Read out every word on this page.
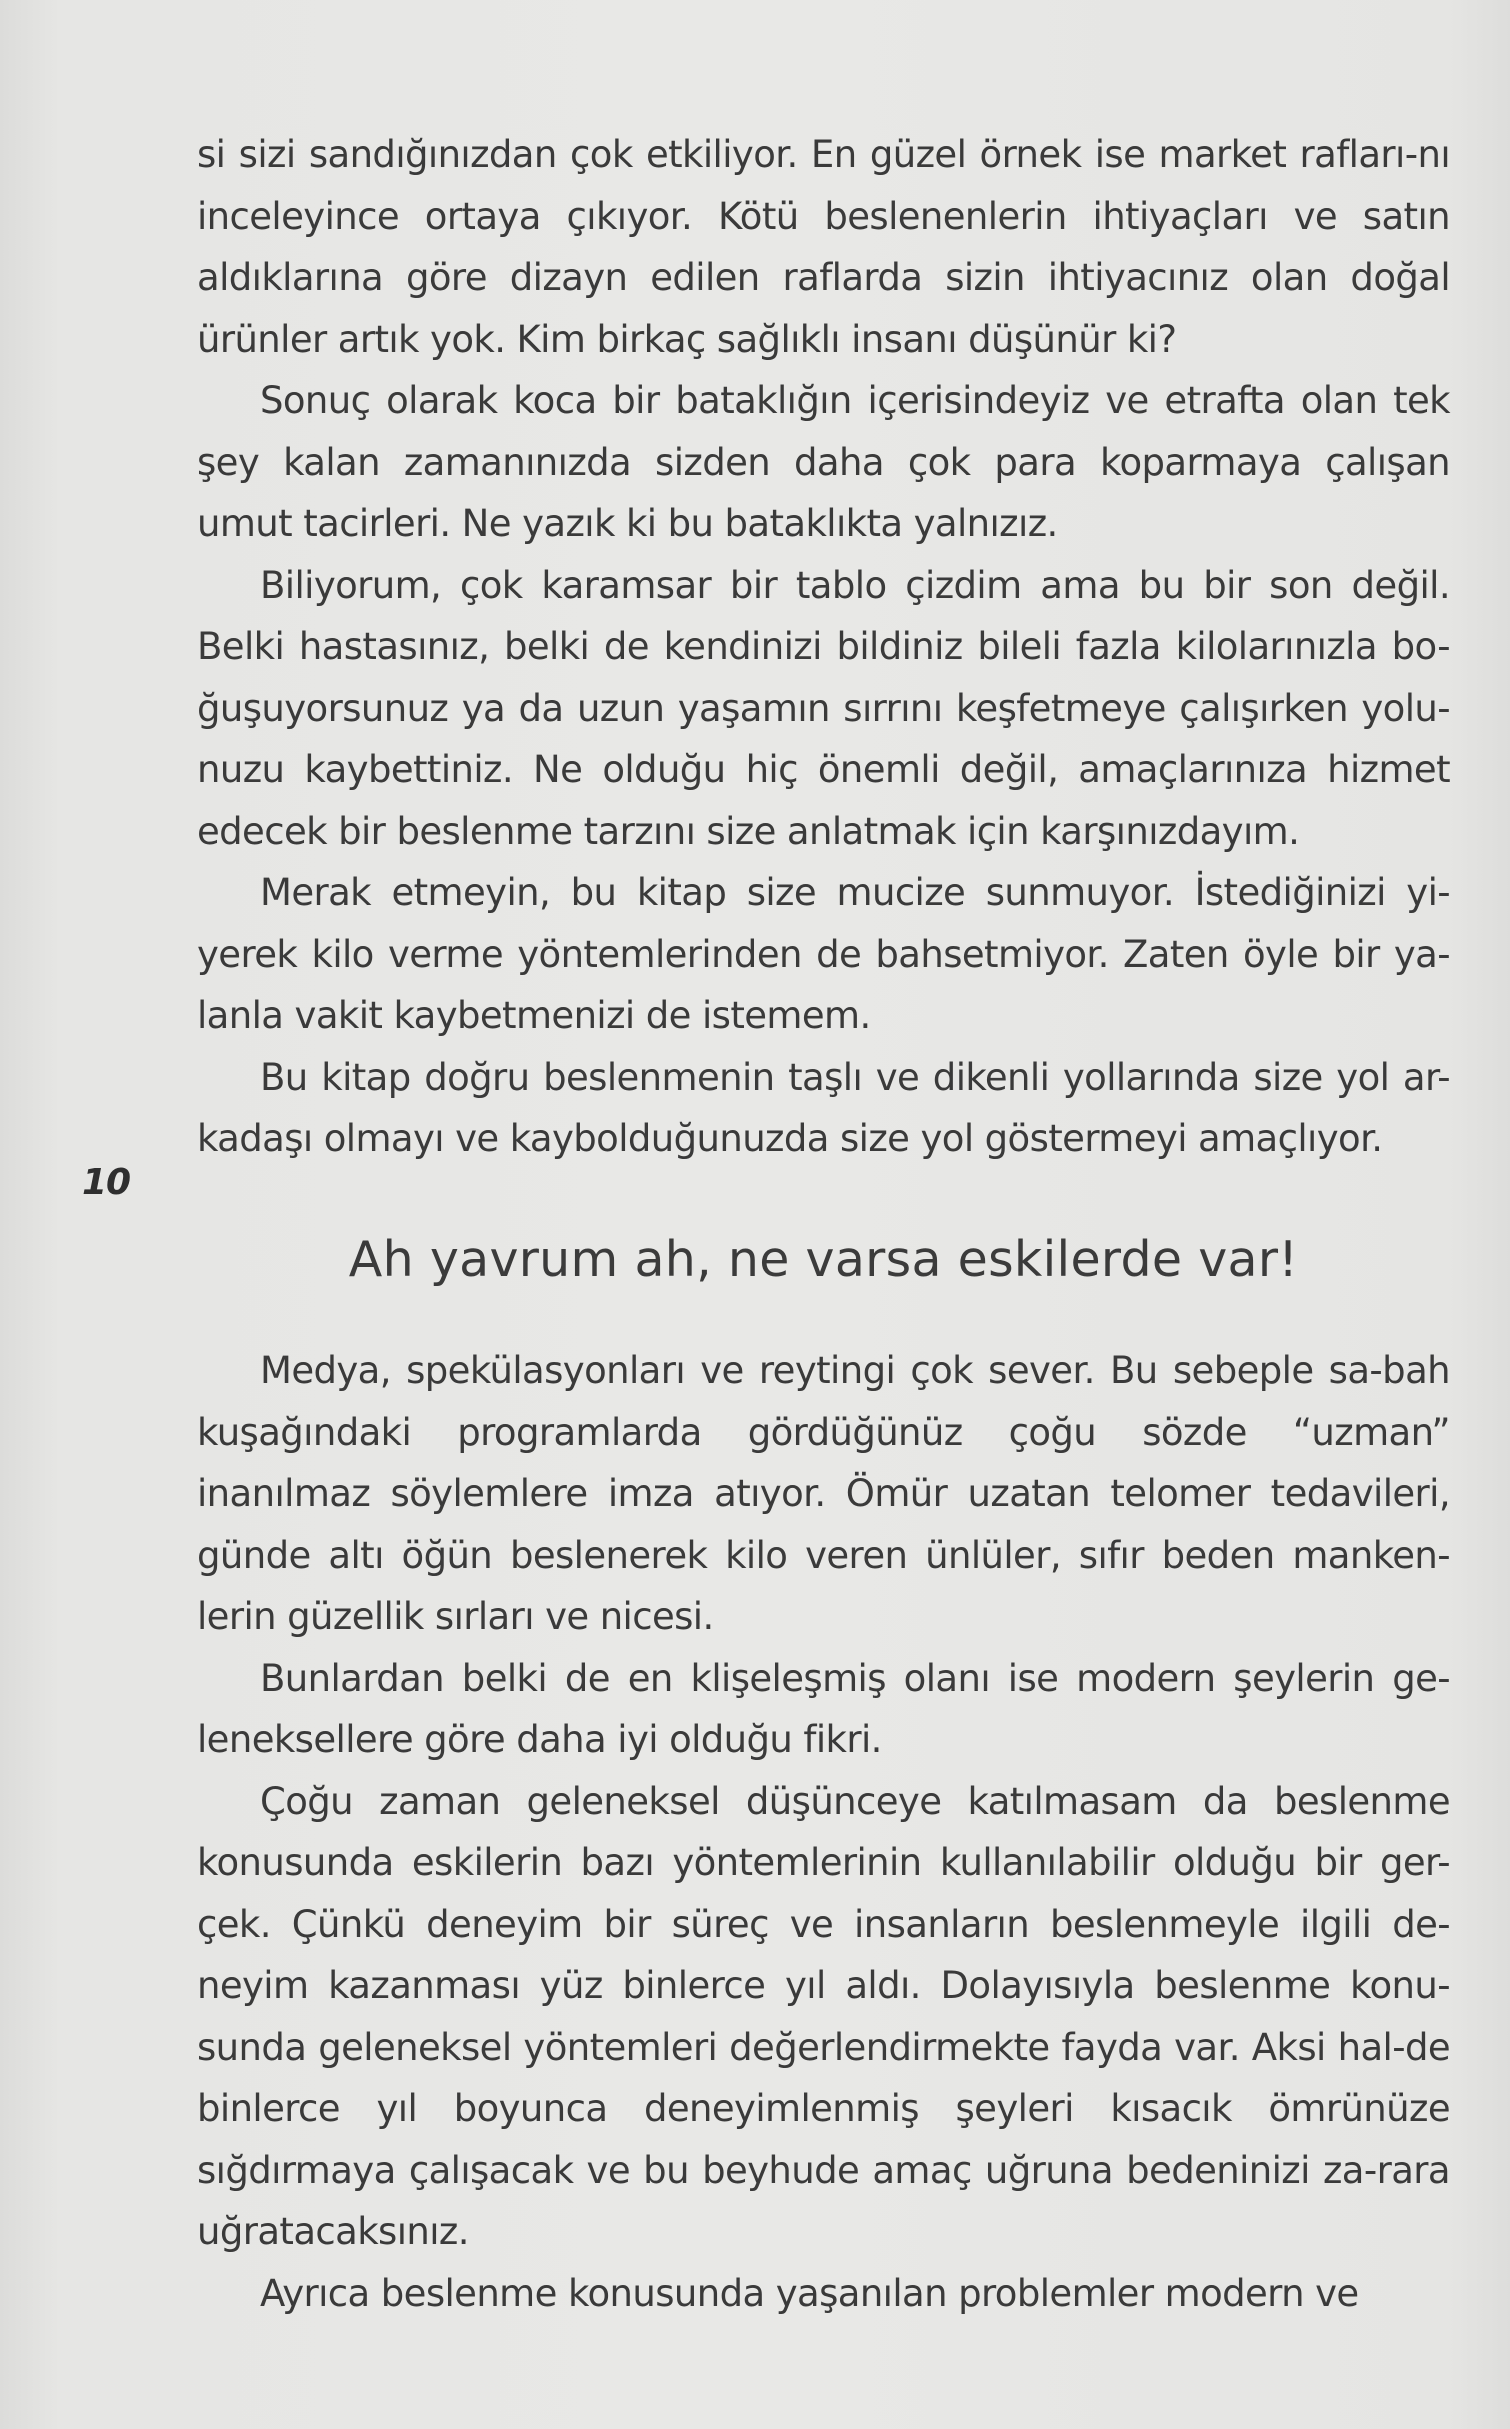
si sizi sandığınızdan çok etkiliyor. En güzel örnek ise market rafları-nı inceleyince ortaya çıkıyor. Kötü beslenenlerin ihtiyaçları ve satın aldıklarına göre dizayn edilen raflarda sizin ihtiyacınız olan doğal ürünler artık yok. Kim birkaç sağlıklı insanı düşünür ki?

Sonuç olarak koca bir bataklığın içerisindeyiz ve etrafta olan tek şey kalan zamanınızda sizden daha çok para koparmaya çalışan umut tacirleri. Ne yazık ki bu bataklıkta yalnızız.

Biliyorum, çok karamsar bir tablo çizdim ama bu bir son değil. Belki hastasınız, belki de kendinizi bildiniz bileli fazla kilolarınızla bo-ğuşuyorsunuz ya da uzun yaşamın sırrını keşfetmeye çalışırken yolu-nuzu kaybettiniz. Ne olduğu hiç önemli değil, amaçlarınıza hizmet edecek bir beslenme tarzını size anlatmak için karşınızdayım.

Merak etmeyin, bu kitap size mucize sunmuyor. İstediğinizi yi-yerek kilo verme yöntemlerinden de bahsetmiyor. Zaten öyle bir ya-lanla vakit kaybetmenizi de istemem.

Bu kitap doğru beslenmenin taşlı ve dikenli yollarında size yol ar-kadaşı olmayı ve kaybolduğunuzda size yol göstermeyi amaçlıyor.

10
Ah yavrum ah, ne varsa eskilerde var!

Medya, spekülasyonları ve reytingi çok sever. Bu sebeple sa-bah kuşağındaki programlarda gördüğünüz çoğu sözde “uzman” inanılmaz söylemlere imza atıyor. Ömür uzatan telomer tedavileri, günde altı öğün beslenerek kilo veren ünlüler, sıfır beden manken-lerin güzellik sırları ve nicesi.

Bunlardan belki de en klişeleşmiş olanı ise modern şeylerin ge-leneksellere göre daha iyi olduğu fikri.

Çoğu zaman geleneksel düşünceye katılmasam da beslenme konusunda eskilerin bazı yöntemlerinin kullanılabilir olduğu bir ger-çek. Çünkü deneyim bir süreç ve insanların beslenmeyle ilgili de-neyim kazanması yüz binlerce yıl aldı. Dolayısıyla beslenme konu-sunda geleneksel yöntemleri değerlendirmekte fayda var. Aksi hal-de binlerce yıl boyunca deneyimlenmiş şeyleri kısacık ömrünüze sığdırmaya çalışacak ve bu beyhude amaç uğruna bedeninizi za-rara uğratacaksınız.

Ayrıca beslenme konusunda yaşanılan problemler modern ve
